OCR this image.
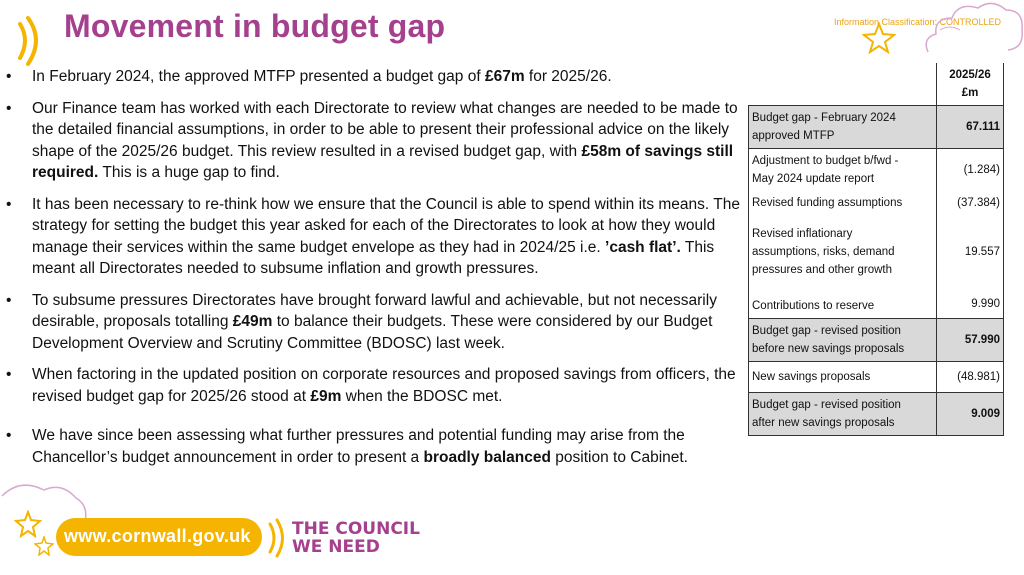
Movement in budget gap	Information Classification: CONTROLLED
• In February 2024, the approved MTFP presented a budget gap of £67m for 2025/26.
• Our Finance team has worked with each Directorate to review what changes are needed to be made to the detailed financial assumptions, in order to be able to present their professional advice on the likely shape of the 2025/26 budget. This review resulted in a revised budget gap, with £58m of savings still required. This is a huge gap to find.
• It has been necessary to re-think how we ensure that the Council is able to spend within its means. The strategy for setting the budget this year asked for each of the Directorates to look at how they would manage their services within the same budget envelope as they had in 2024/25 i.e. ’cash flat’. This meant all Directorates needed to subsume inflation and growth pressures.
• To subsume pressures Directorates have brought forward lawful and achievable, but not necessarily desirable, proposals totalling £49m to balance their budgets. These were considered by our Budget Development Overview and Scrutiny Committee (BDOSC) last week.
• When factoring in the updated position on corporate resources and proposed savings from officers, the revised budget gap for 2025/26 stood at £9m when the BDOSC met.
• We have since been assessing what further pressures and potential funding may arise from the Chancellor’s budget announcement in order to present a broadly balanced position to Cabinet.
	2025/26
£m

Budget gap - February 2024
approved MTFP	67.111

Adjustment to budget b/fwd -
May 2024 update report	(1.284)

Revised funding assumptions	(37.384)

Revised inflationary
assumptions, risks, demand
pressures and other growth	19.557

Contributions to reserve	9.990

Budget gap - revised position
before new savings proposals	57.990

New savings proposals	(48.981)

Budget gap - revised position
after new savings proposals	9.009
www.cornwall.gov.uk THE COUNCIL
WE NEED
